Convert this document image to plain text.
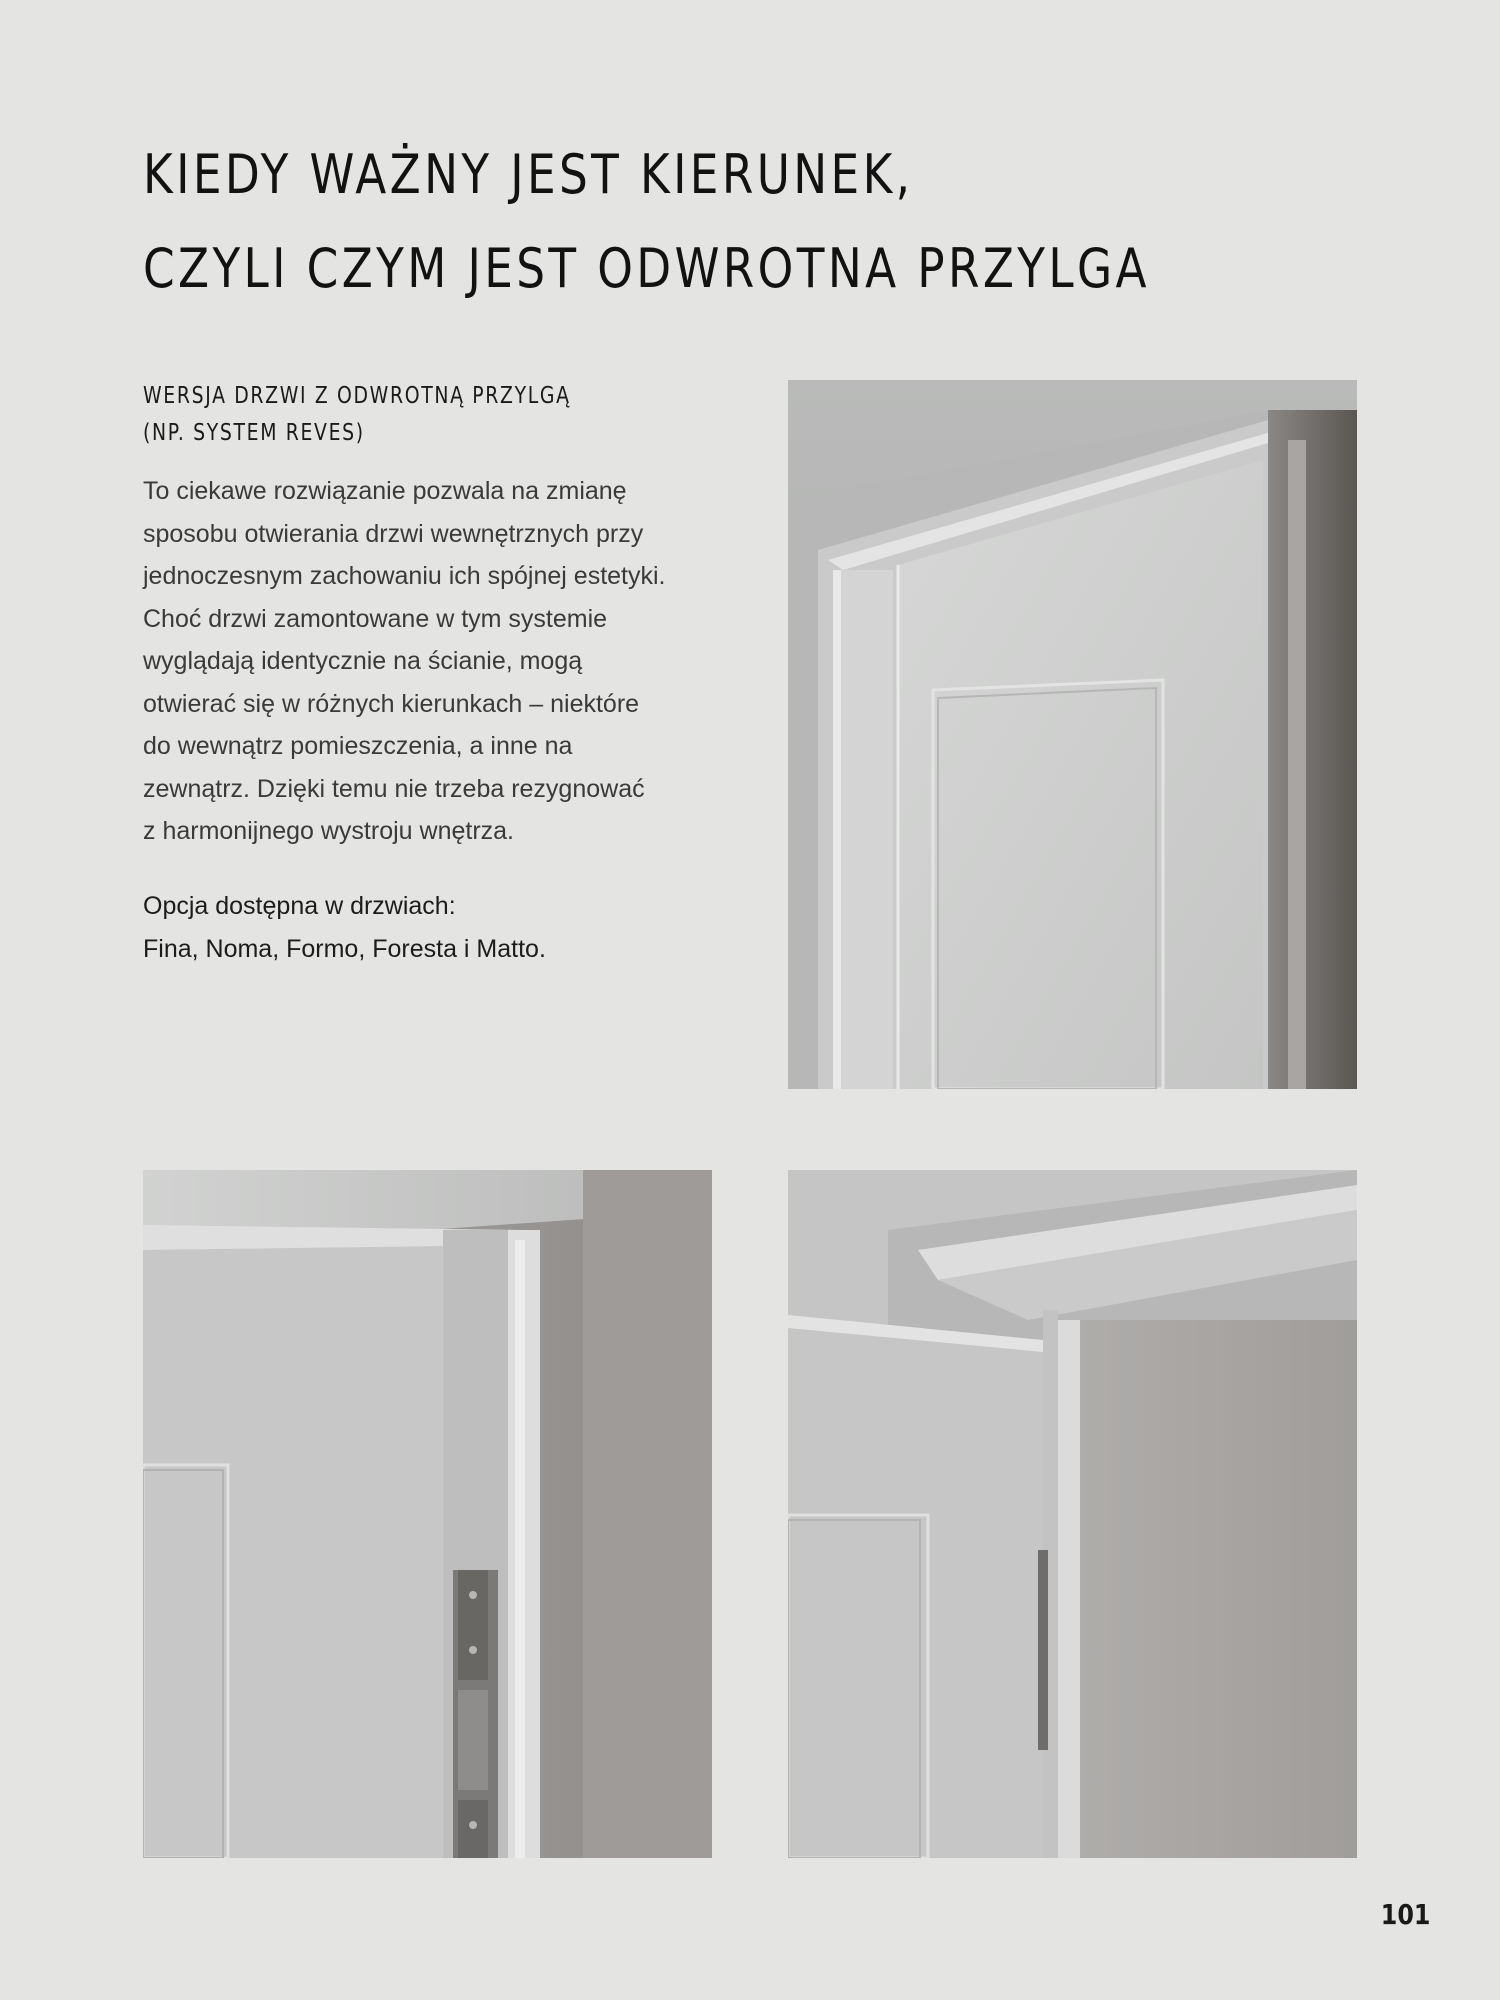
KIEDY WAŻNY JEST KIERUNEK,
CZYLI CZYM JEST ODWROTNA PRZYLGA
WERSJA DRZWI Z ODWROTNĄ PRZYLGĄ
(NP. SYSTEM REVES)

To ciekawe rozwiązanie pozwala na zmianę
sposobu otwierania drzwi wewnętrznych przy
jednoczesnym zachowaniu ich spójnej estetyki.
Choć drzwi zamontowane w tym systemie
wyglądają identycznie na ścianie, mogą
otwierać się w różnych kierunkach – niektóre
do wewnątrz pomieszczenia, a inne na
zewnątrz. Dzięki temu nie trzeba rezygnować
z harmonijnego wystroju wnętrza.

Opcja dostępna w drzwiach:
Fina, Noma, Formo, Foresta i Matto.

101
